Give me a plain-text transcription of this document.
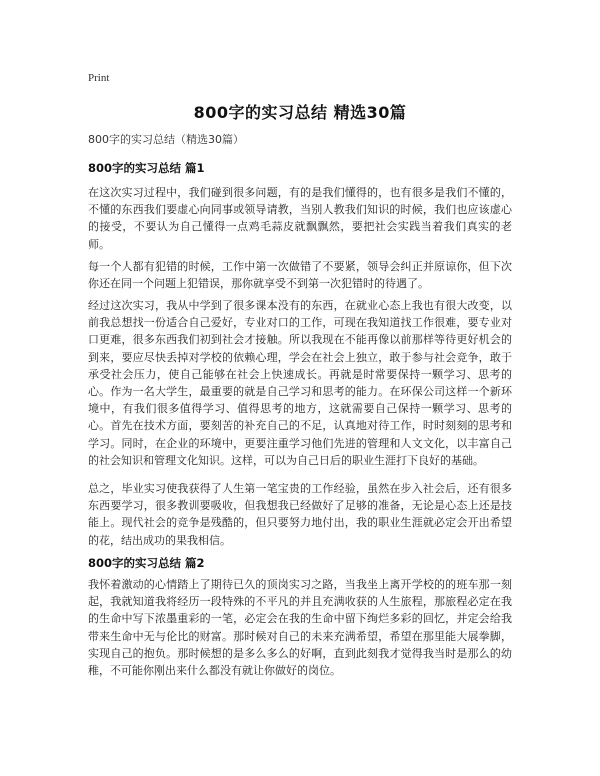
Print
800字的实习总结 精选30篇
800字的实习总结（精选30篇）
800字的实习总结 篇1

在这次实习过程中，我们碰到很多问题，有的是我们懂得的，也有很多是我们不懂的，不懂的东西我们要虚心向同事或领导请教，当别人教我们知识的时候，我们也应该虚心的接受，不要认为自己懂得一点鸡毛蒜皮就飘飘然，要把社会实践当着我们真实的老师。

每一个人都有犯错的时候，工作中第一次做错了不要紧，领导会纠正并原谅你，但下次你还在同一个问题上犯错误，那你就享受不到第一次犯错时的待遇了。

经过这次实习，我从中学到了很多课本没有的东西，在就业心态上我也有很大改变，以前我总想找一份适合自己爱好，专业对口的工作，可现在我知道找工作很难，要专业对口更难，很多东西我们初到社会才接触。所以我现在不能再像以前那样等待更好机会的到来，要应尽快丢掉对学校的依赖心理，学会在社会上独立，敢于参与社会竞争，敢于承受社会压力，使自己能够在社会上快速成长。再就是时常要保持一颗学习、思考的心。作为一名大学生，最重要的就是自己学习和思考的能力。在环保公司这样一个新环境中，有我们很多值得学习、值得思考的地方，这就需要自己保持一颗学习、思考的心。首先在技术方面，要刻苦的补充自己的不足，认真地对待工作，时时刻刻的思考和学习。同时，在企业的环境中，更要注重学习他们先进的管理和人文文化，以丰富自己的社会知识和管理文化知识。这样，可以为自己日后的职业生涯打下良好的基础。

总之，毕业实习使我获得了人生第一笔宝贵的工作经验，虽然在步入社会后，还有很多东西要学习，很多教训要吸收，但我想我已经做好了足够的准备，无论是心态上还是技能上。现代社会的竞争是残酷的，但只要努力地付出，我的职业生涯就必定会开出希望的花，结出成功的果我相信。

800字的实习总结 篇2

我怀着激动的心情踏上了期待已久的顶岗实习之路，当我坐上离开学校的的班车那一刻起，我就知道我将经历一段特殊的不平凡的并且充满收获的人生旅程，那旅程必定在我的生命中写下浓墨重彩的一笔，必定会在我的生命中留下绚烂多彩的回忆，并定会给我带来生命中无与伦比的财富。那时候对自己的未来充满希望，希望在那里能大展拳脚，实现自己的抱负。那时候想的是多么多么的好啊，直到此刻我才觉得我当时是那么的幼稚，不可能你刚出来什么都没有就让你做好的岗位。
